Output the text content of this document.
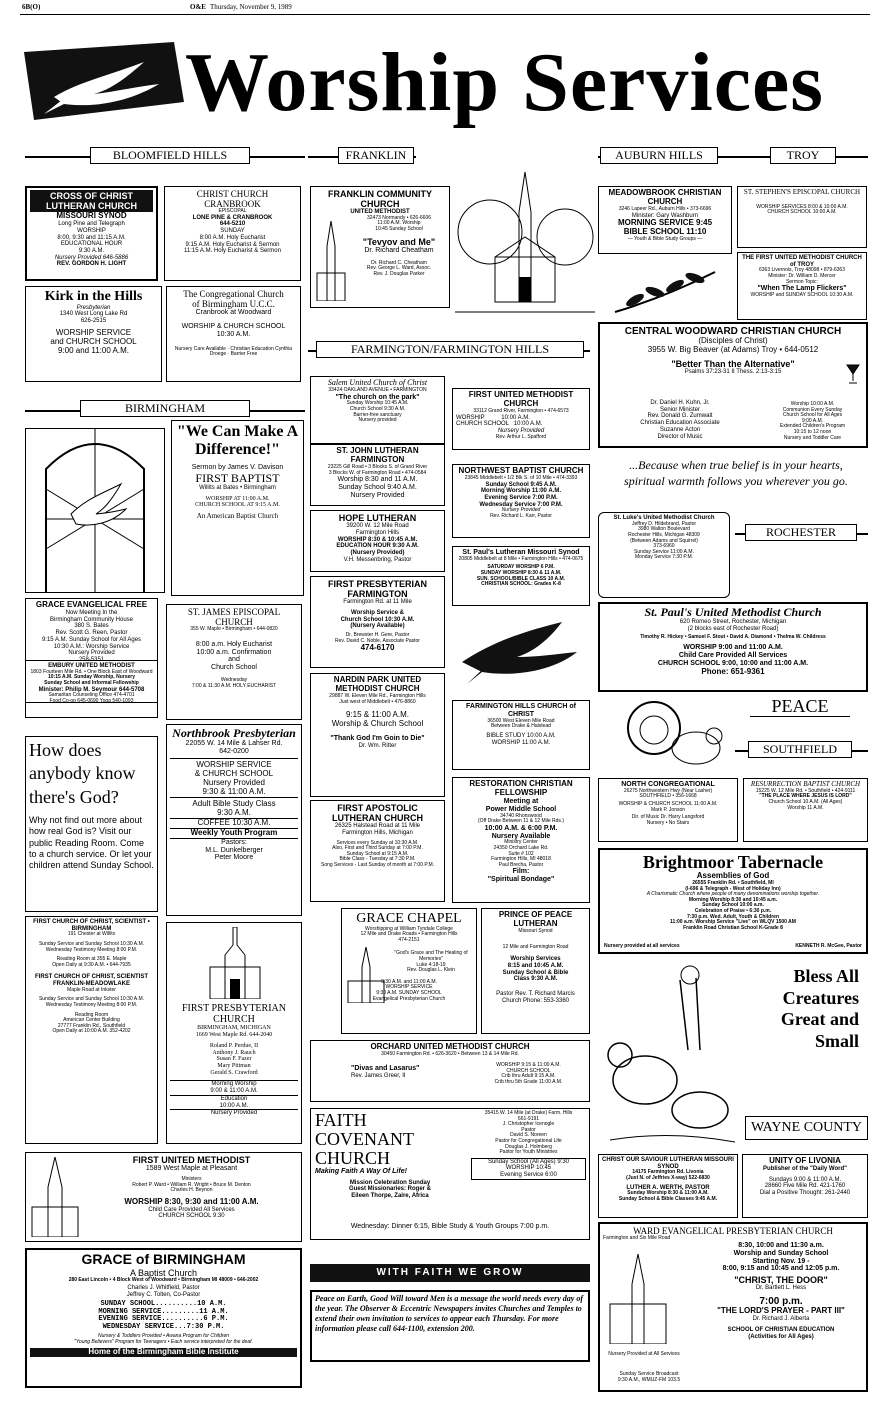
6B(O)	O&E Thursday, November 9, 1989
Worship Services
BLOOMFIELD HILLS
CROSS OF CHRIST LUTHERAN CHURCH
MISSOURI SYNOD
Long Pine and Telegraph
WORSHIP
8:00, 9:30 and 11:15 A.M.
EDUCATIONAL HOUR
9:30 A.M.
Nursery Provided 646-5886
REV. GORDON H. LIGHT
CHRIST CHURCH CRANBROOK
EPISCOPAL
LONE PINE & CRANBROOK
644-5210
SUNDAY
8:00 A.M. Holy Eucharist
9:15 A.M. Holy Eucharist & Sermon
11:15 A.M. Holy Eucharist & Sermon
Kirk in the Hills
Presbyterian
1340 West Long Lake Rd
626-2515
WORSHIP SERVICE
and CHURCH SCHOOL
9:00 and 11:00 A.M.
The Congregational Church
of Birmingham U.C.C.
Cranbrook at Woodward
WORSHIP & CHURCH SCHOOL
10:30 A.M.
Nursery Care Available · Christian Education Cynthia Droege · Barrier Free
BIRMINGHAM
"We Can Make A Difference!"
Sermon by James V. Davison
FIRST BAPTIST
Willits at Bates • Birmingham
WORSHIP AT 11:00 A.M.
CHURCH SCHOOL AT 9:15 A.M.
An American Baptist Church
GRACE EVANGELICAL FREE
Now Meeting In the
Birmingham Community House
380 S. Bates
Rev. Scott G. Reen, Pastor
9:15 A.M. Sunday School for All Ages
10:30 A.M.: Worship Service
Nursery Provided
258-5351
ST. JAMES EPISCOPAL CHURCH
355 W. Maple • Birmingham • 644-0820
8:00 a.m. Holy Eucharist
10:00 a.m. Confirmation
and
Church School
Wednesday
7:00 & 11:30 A.M. HOLY EUCHARIST
EMBURY UNITED METHODIST
1803 Fourteen Mile Rd. • One Block East of Woodward
10:15 A.M. Sunday Worship, Nursery
Sunday School and Informal Fellowship
Minister: Philip M. Seymour 644-5708
Samaritan Counseling Office 474-4701
Food Co-op 645-0690 Yoga 540-1093
How does anybody know there's God?
Why not find out more about how real God is? Visit our public Reading Room. Come to a church service. Or let your children attend Sunday School.
FIRST CHURCH OF CHRIST, SCIENTIST • BIRMINGHAM
191 Chester at Willits
Sunday Service and Sunday School 10:30 A.M.
Wednesday Testimony Meeting 8:00 P.M.
Reading Room at 355 E. Maple
Open Daily at 9:30 A.M. • 644-7935
FIRST CHURCH OF CHRIST, SCIENTIST FRANKLIN-MEADOWLAKE
Maple Road at Inkster
Sunday Service and Sunday School 10:30 A.M.
Wednesday Testimony Meeting 8:00 P.M.
Reading Room
American Center Building
27777 Franklin Rd., Southfield
Open Daily at 10:00 A.M. 352-4202
Northbrook Presbyterian
22055 W. 14 Mile & Lahser Rd.
642-0200
WORSHIP SERVICE
& CHURCH SCHOOL
Nursery Provided
9:30 & 11:00 A.M.
Adult Bible Study Class
9:30 A.M.
COFFEE 10:30 A.M.
Weekly Youth Program
Pastors:
M.L. Dunkelberger
Peter Moore
FIRST PRESBYTERIAN CHURCH
BIRMINGHAM, MICHIGAN
1669 West Maple Rd. 644-2040
Roland P. Perdue, II
Anthony J. Rauch
Susan F. Fazer
Mary Pittman
Gerald S. Crawford
Morning Worship
9:00 & 11:00 A.M.
Education
10:00 A.M.
Nursery Provided
FIRST UNITED METHODIST
1589 West Maple at Pleasant
Ministers
Robert P. Ward • William R. Wright • Bruce M. Denton
Charles H. Beynon
WORSHIP 8:30, 9:30 and 11:00 A.M.
Child Care Provided All Services
CHURCH SCHOOL 9:30
GRACE of BIRMINGHAM
A Baptist Church
280 East Lincoln • 4 Block West of Woodward • Birmingham MI 48009 • 646-2002
Charles J. Whitfield, Pastor
Jeffrey C. Tolten, Co-Pastor
SUNDAY SCHOOL..........10 A.M.
MORNING SERVICE.........11 A.M.
EVENING SERVICE..........6 P.M.
WEDNESDAY SERVICE...7:30 P.M.
Nursery & Toddlers Provided • Awana Program for Children
"Young Believers" Program for Teenagers • Each service interpreted for the deaf.
Home of the Birmingham Bible Institute
FRANKLIN
FRANKLIN COMMUNITY CHURCH
UNITED METHODIST
32473 Normandy • 626-6606
11:00 A.M. Worship
10:45 Sunday School
"Tevyov and Me"
Dr. Richard Cheatham
Dr. Richard C. Cheatham
Rev. George L. Ward, Assoc.
Rev. J. Douglas Parker
FARMINGTON/FARMINGTON HILLS
Salem United Church of Christ
33424 OAKLAND AVENUE • FARMINGTON
"The church on the park"
Sunday Worship 10:45 A.M.
Church School 9:30 A.M.
Barrier-free sanctuary
Nursery provided
FIRST UNITED METHODIST CHURCH
33112 Grand River, Farmington • 474-6573
WORSHIP          10:00 A.M.
CHURCH SCHOOL   10:00 A.M.
Nursery Provided
Rev. Arthur L. Spafford
ST. JOHN LUTHERAN FARMINGTON
23225 Gill Road • 3 Blocks S. of Grand River
3 Blocks W. of Farmington Road • 474-0584
Worship 8:30 and 11 A.M.
Sunday School 9:40 A.M.
Nursery Provided
NORTHWEST BAPTIST CHURCH
23845 Middlebelt • 1/2 Blk S. of 10 Mile • 474-3393
Sunday School 9:45 A.M.
Morning Worship 11:00 A.M.
Evening Service 7:00 P.M.
Wednesday Service 7:00 P.M.
Nursery Provided
Rev. Richard L. Karr, Pastor
HOPE LUTHERAN
39200 W. 12 Mile Road
Farmington Hills
WORSHIP 8:30 & 10:45 A.M.
EDUCATION HOUR 9:30 A.M.
(Nursery Provided)
V.H. Messenbring, Pastor
St. Paul's Lutheran Missouri Synod
20805 Middlebelt at 8 Mile • Farmington Hills • 474-0675
SATURDAY WORSHIP 6 P.M.
SUNDAY WORSHIP 8:30 & 11 A.M.
SUN. SCHOOL/BIBLE CLASS 10 A.M.
CHRISTIAN SCHOOL: Grades K-8
FIRST PRESBYTERIAN FARMINGTON
Farmington Rd. at 11 Mile
Worship Service &
Church School 10:30 A.M.
(Nursery Available)
Dr. Brewster H. Gere, Pastor
Rev. David C. Noble, Associate Pastor
474-6170
NARDIN PARK UNITED METHODIST CHURCH
29887 W. Eleven Mile Rd., Farmington Hills
Just west of Middlebelt • 476-8860
9:15 & 11:00 A.M.
Worship & Church School
"Thank God I'm Goin to Die"
Dr. Wm. Ritter
FARMINGTON HILLS CHURCH of CHRIST
36500 West Eleven Mile Road
Between Drake & Halstead
BIBLE STUDY 10:00 A.M.
WORSHIP 11:00 A.M.
RESTORATION CHRISTIAN FELLOWSHIP
Meeting at
Power Middle School
34740 Rhonswood
(Off Drake Between 11 & 12 Mile Rds.)
10:00 A.M. & 6:00 P.M.
Nursery Available
Ministry Center
24350 Orchard Lake Rd.
Suite # 102
Farmington Hills, MI 48018
Paul Brecha, Pastor
Film:
"Spiritual Bondage"
FIRST APOSTOLIC LUTHERAN CHURCH
26325 Halstead Road at 11 Mile
Farmington Hills, Michigan
Services every Sunday at 10:30 A.M.
Also, First and Third Sunday at 7:00 P.M.
Sunday School at 9:15 A.M.
Bible Class - Tuesday at 7:30 P.M.
Song Services - Last Sunday of month at 7:00 P.M.
GRACE CHAPEL
Worshipping at William Tyndale College
12 Mile and Drake Roads • Farmington Hills
474-2151
"God's Grace and The Healing of Memories"
Luke 4:18-19
Rev. Douglas L. Klein
9:30 A.M. and 11:00 A.M.
WORSHIP SERVICE
9:30 A.M. SUNDAY SCHOOL
Evangelical Presbyterian Church
PRINCE OF PEACE LUTHERAN
Missouri Synod
12 Mile and Farmington Road
Worship Services
8:15 and 10:45 A.M.
Sunday School & Bible
Class 9:30 A.M.
Pastor Rev. T. Richard Marcis
Church Phone: 553-3360
ORCHARD UNITED METHODIST CHURCH
30450 Farmington Rd. • 626-3620 • Between 13 & 14 Mile Rd.
"Divas and Lasarus"
Rev. James Greer, II
WORSHIP 9:15 & 11:00 A.M.
CHURCH SCHOOL
Crib thru Adult 9:15 A.M.
Crib thru 5th Grade 11:00 A.M.
FAITH
COVENANT
CHURCH
Making Faith A Way Of Life!
Mission Celebration Sunday
Guest Missionaries: Roger &
Eileen Thorpe, Zaire, Africa
35415 W. 14 Mile (at Drake) Farm. Hills
661-9191
J. Christopher Icenogle
Pastor
David S. Noreen
Pastor for Congregational Life
Douglas J. Holmberg
Pastor for Youth Ministries
Sunday School (All Ages) 9:30
WORSHIP 10:45
Evening Service 6:00
Wednesday: Dinner 6:15, Bible Study & Youth Groups 7:00 p.m.
WITH FAITH WE GROW
Peace on Earth, Good Will toward Men is a message the world needs every day of the year. The Observer & Eccentric Newspapers invites Churches and Temples to extend their own invitation to services to appear each Thursday. For more information please call 644-1100, extension 200.
AUBURN HILLS	TROY
MEADOWBROOK CHRISTIAN CHURCH
3246 Lapeer Rd., Auburn Hills • 373-6696
Minister: Gary Washburn
MORNING SERVICE 9:45
BIBLE SCHOOL 11:10
— Youth & Bible Study Groups —
ST. STEPHEN'S EPISCOPAL CHURCH
WORSHIP SERVICES 8:00 & 10:00 A.M.
CHURCH SCHOOL 10:00 A.M.
THE FIRST UNITED METHODIST CHURCH of TROY
6363 Livernois, Troy 48098 • 879-6363
Minister: Dr. William D. Mercer
Sermon Topic:
"When The Lamp Flickers"
WORSHIP and SUNDAY SCHOOL 10:30 A.M.
CENTRAL WOODWARD CHRISTIAN CHURCH
(Disciples of Christ)
3955 W. Big Beaver (at Adams) Troy • 644-0512
"Better Than the Alternative"
Psalms 37:23-31 II Thess. 2:13-3:15
Dr. Daniel H. Kuhn, Jr.
Senior Minister
Rev. Donald G. Zumwalt
Christian Education Associate
Suzanne Acton
Director of Music
Worship 10:00 A.M.
Communion Every Sunday
Church School for All Ages
9:00 A.M.
Extended Children's Program
10:15 to 12 noon
Nursery and Toddler Care
...Because when true belief is in your hearts, spiritual warmth follows you wherever you go.
St. Luke's United Methodist Church
Jeffrey D. Hildebrand, Pastor
3980 Walton Boulevard
Rochester Hills, Michigan 48309
(Between Adams and Squirrel)
373-6960
Sunday Service 11:00 A.M.
Monday Service 7:30 P.M.
ROCHESTER
St. Paul's United Methodist Church
620 Romeo Street, Rochester, Michigan
(2 blocks east of Rochester Road)
Timothy R. Hickey • Samuel F. Stout • David A. Diamond • Thelma W. Childress
WORSHIP 9:00 and 11:00 A.M.
Child Care Provided All Services
CHURCH SCHOOL 9:00, 10:00 and 11:00 A.M.
Phone: 651-9361
PEACE
SOUTHFIELD
NORTH CONGREGATIONAL
26275 Northwestern Hwy (Near Lasher)
SOUTHFIELD • 356-1668
WORSHIP & CHURCH SCHOOL 11:00 A.M.
Mark P. Jonson
Dir. of Music Dr. Harry Langsford
Nursery • No Stairs
RESURRECTION BAPTIST CHURCH
15225 W. 12 Mile Rd. • Southfield • 424-9111
"THE PLACE WHERE JESUS IS LORD"
Church School 10 A.M. (All Ages)
Worship 11 A.M.
Brightmoor Tabernacle
Assemblies of God
26555 Franklin Rd. • Southfield, MI
(I-696 & Telegraph - West of Holiday Inn)
A Charismatic Church where people of many denominations worship together.
Morning Worship 8:30 and 10:45 a.m.
Sunday School 10:00 a.m.
Celebration of Praise • 6:30 p.m.
7:30 p.m. Wed. Adult, Youth & Children
11:00 a.m. Worship Service "Live" on WLQV 1500 AM
Franklin Road Christian School K-Grade 8
Nursery provided at all services	KENNETH R. McGee, Pastor
Bless All Creatures Great and Small
WAYNE COUNTY
CHRIST OUR SAVIOUR LUTHERAN MISSOURI SYNOD
14175 Farmington Rd. Livonia
(Just N. of Jeffries X-way) 522-6830
LUTHER A. WERTH, PASTOR
Sunday Worship 8:30 & 11:00 A.M.
Sunday School & Bible Classes 9:45 A.M.
UNITY OF LIVONIA
Publisher of the "Daily Word"
Sundays 9:00 & 11:00 A.M.
28660 Five Mile Rd. 421-1760
Dial a Positive Thought: 261-2440
WARD EVANGELICAL PRESBYTERIAN CHURCH
Farmington and Six Mile Road
Nursery Provided at All Services
Sunday Service Broadcast
9:30 A.M., WMUZ-FM 103.5
8:30, 10:00 and 11:30 a.m.
Worship and Sunday School
Starting Nov. 19 -
8:00, 9:15 and 10:45 and 12:05 p.m.
"CHRIST, THE DOOR"
Dr. Bartlett L. Hess
7:00 p.m.
"THE LORD'S PRAYER - PART III"
Dr. Richard J. Alberta
SCHOOL OF CHRISTIAN EDUCATION
(Activities for All Ages)
